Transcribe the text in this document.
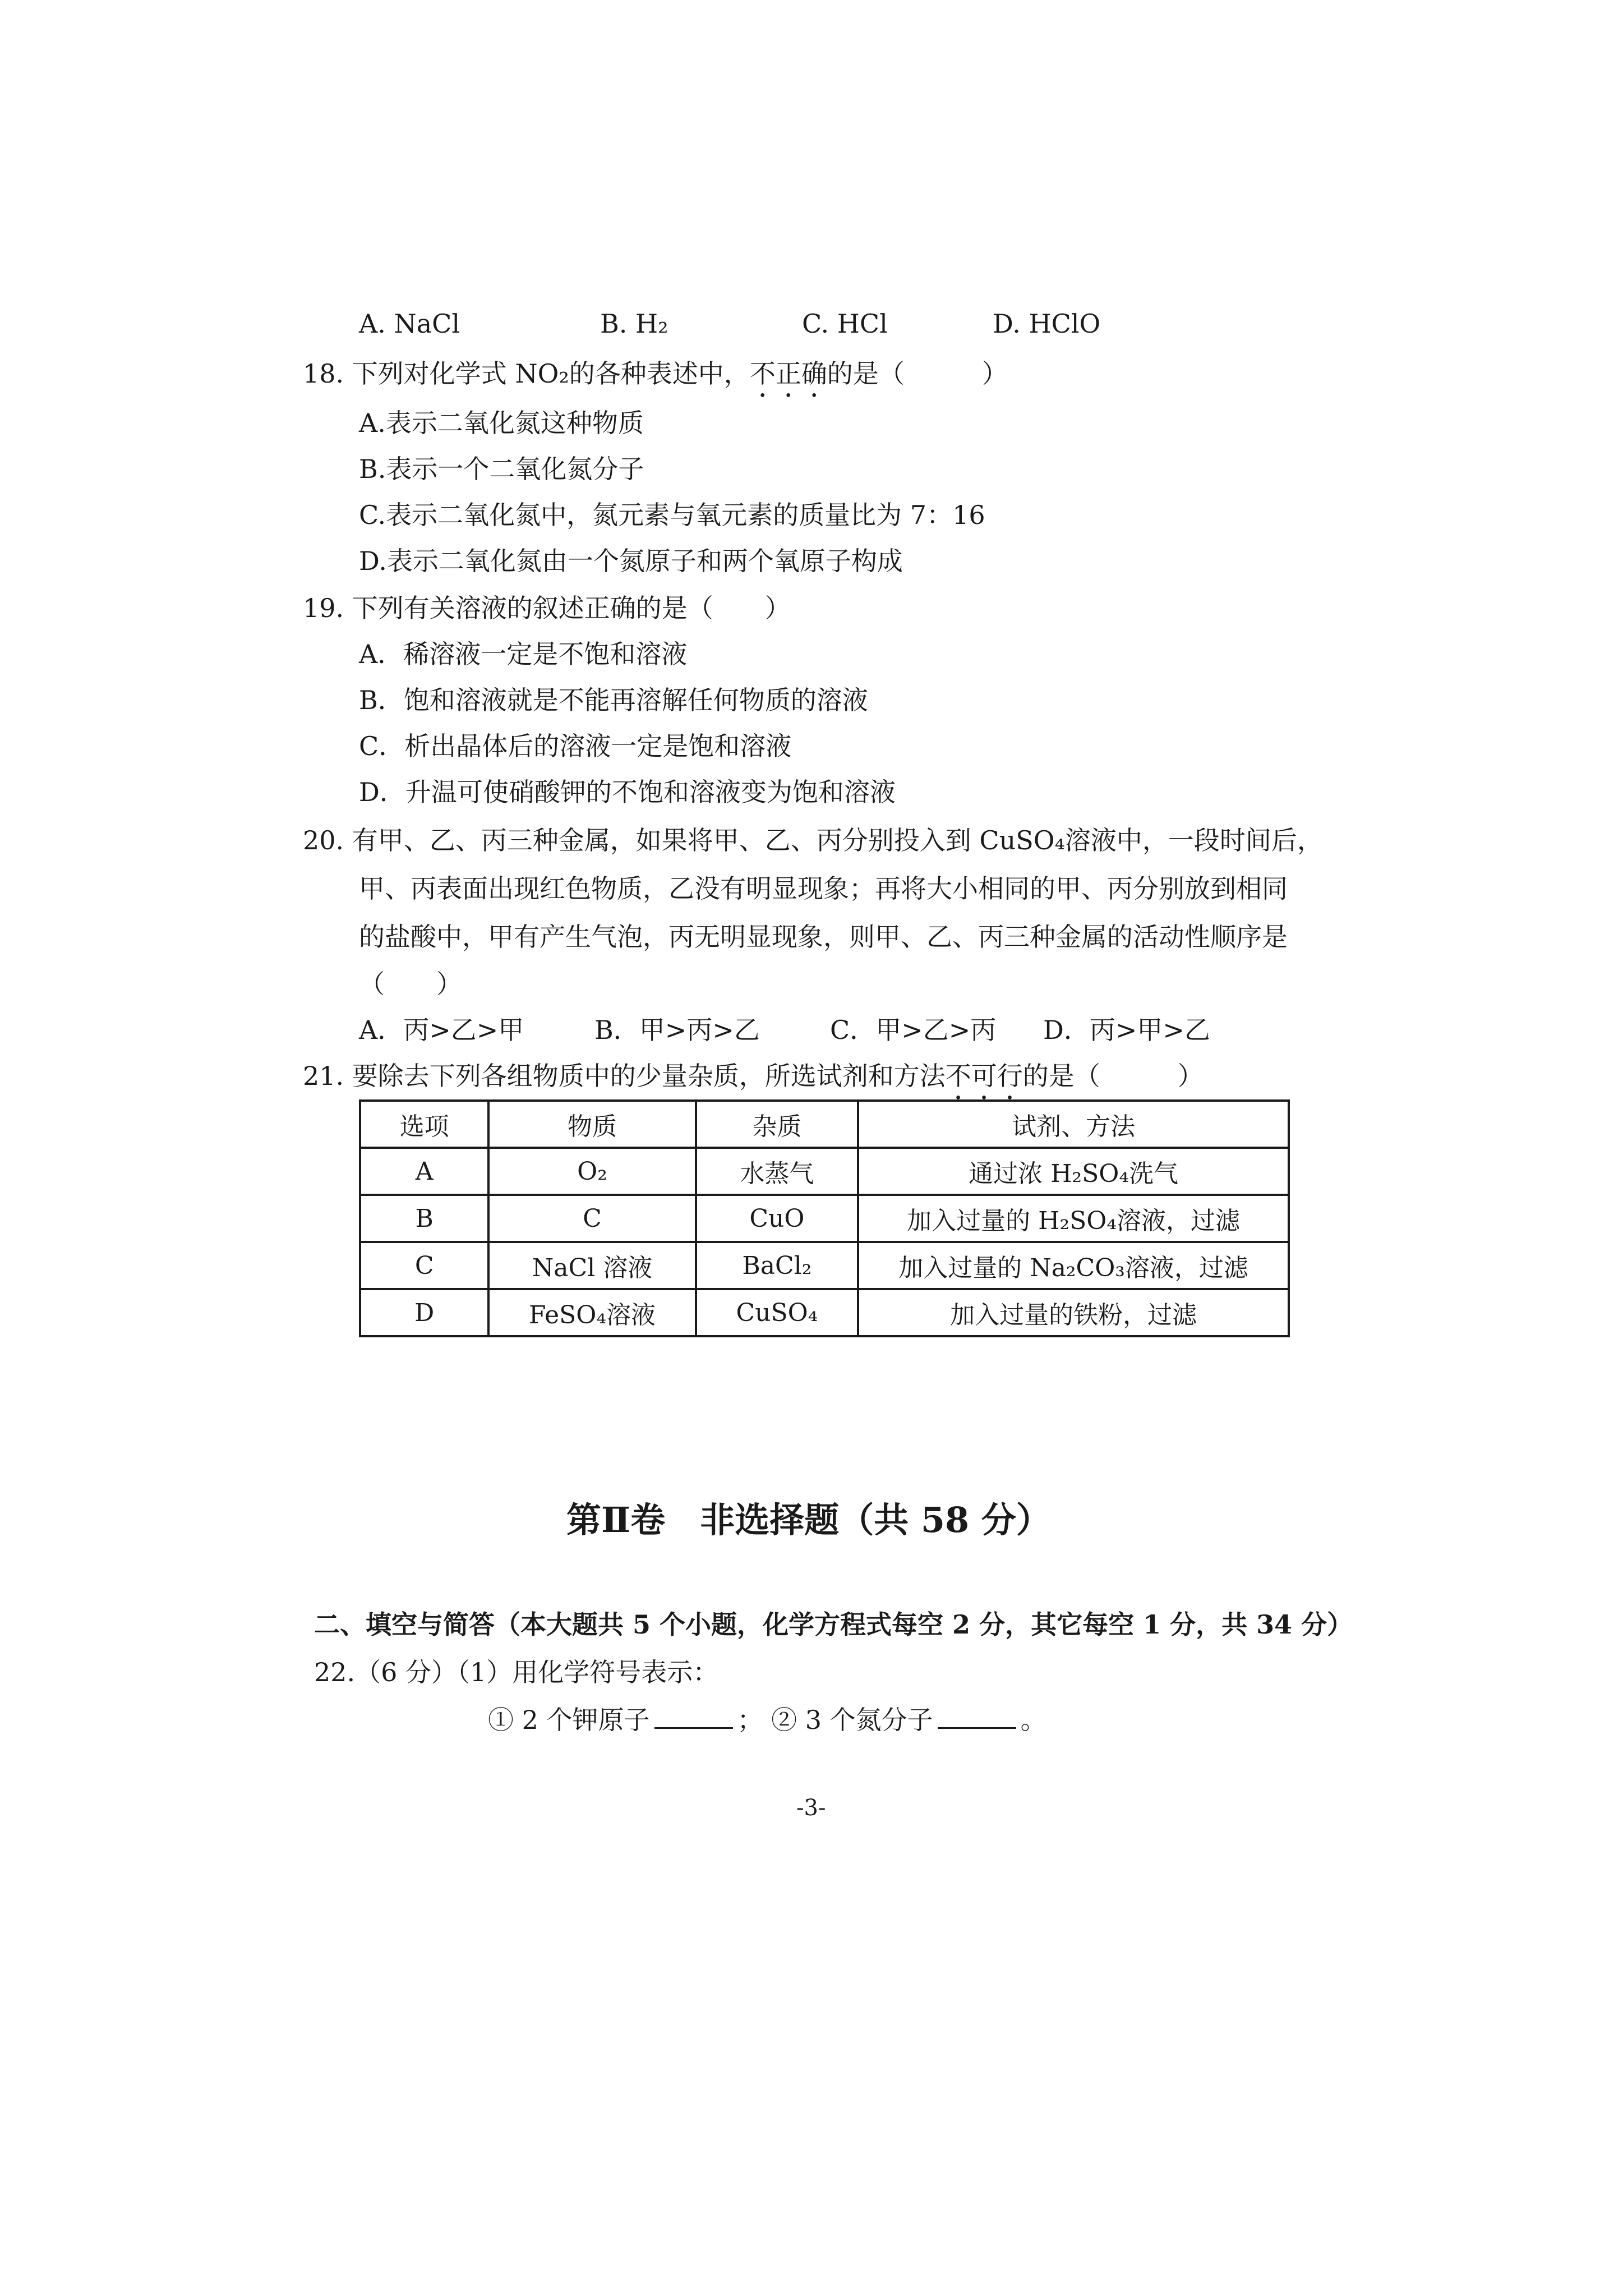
A. NaCl	B. H₂	C. HCl	D. HClO
18. 下列对化学式 NO₂的各种表述中，不正确的是（　　　）
A.表示二氧化氮这种物质
B.表示一个二氧化氮分子
C.表示二氧化氮中，氮元素与氧元素的质量比为 7：16
D.表示二氧化氮由一个氮原子和两个氧原子构成
19. 下列有关溶液的叙述正确的是（　　）
A．稀溶液一定是不饱和溶液
B．饱和溶液就是不能再溶解任何物质的溶液
C．析出晶体后的溶液一定是饱和溶液
D．升温可使硝酸钾的不饱和溶液变为饱和溶液
20. 有甲、乙、丙三种金属，如果将甲、乙、丙分别投入到 CuSO₄溶液中，一段时间后，
甲、丙表面出现红色物质，乙没有明显现象；再将大小相同的甲、丙分别放到相同
的盐酸中，甲有产生气泡，丙无明显现象，则甲、乙、丙三种金属的活动性顺序是
（　　）
A．丙>乙>甲	B．甲>丙>乙	C．甲>乙>丙 D．丙>甲>乙
21. 要除去下列各组物质中的少量杂质，所选试剂和方法不可行的是（　　　）
选项	物质	杂质	试剂、方法
A	O₂	水蒸气	通过浓 H₂SO₄洗气
B	C	CuO	加入过量的 H₂SO₄溶液，过滤
C	NaCl 溶液	BaCl₂	加入过量的 Na₂CO₃溶液，过滤
D	FeSO₄溶液	CuSO₄	加入过量的铁粉，过滤
第Ⅱ卷　非选择题（共 58 分）
二、填空与简答（本大题共 5 个小题，化学方程式每空 2 分，其它每空 1 分，共 34 分）
22.（6 分）（1）用化学符号表示：
① 2 个钾原子	； ② 3 个氮分子	。
-3-
